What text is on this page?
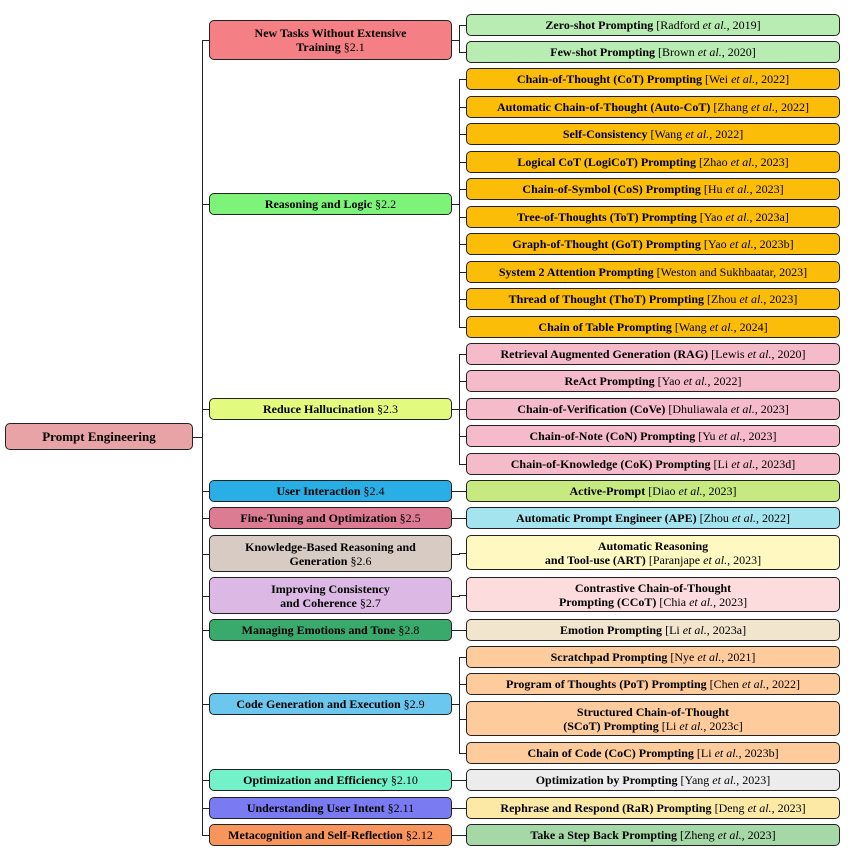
Prompt Engineering
New Tasks Without Extensive
Training §2.1
Zero-shot Prompting [Radford et al., 2019]
Few-shot Prompting [Brown et al., 2020]
Reasoning and Logic §2.2
Chain-of-Thought (CoT) Prompting [Wei et al., 2022]
Automatic Chain-of-Thought (Auto-CoT) [Zhang et al., 2022]
Self-Consistency [Wang et al., 2022]
Logical CoT (LogiCoT) Prompting [Zhao et al., 2023]
Chain-of-Symbol (CoS) Prompting [Hu et al., 2023]
Tree-of-Thoughts (ToT) Prompting [Yao et al., 2023a]
Graph-of-Thought (GoT) Prompting [Yao et al., 2023b]
System 2 Attention Prompting [Weston and Sukhbaatar, 2023]
Thread of Thought (ThoT) Prompting [Zhou et al., 2023]
Chain of Table Prompting [Wang et al., 2024]
Reduce Hallucination §2.3
Retrieval Augmented Generation (RAG) [Lewis et al., 2020]
ReAct Prompting [Yao et al., 2022]
Chain-of-Verification (CoVe) [Dhuliawala et al., 2023]
Chain-of-Note (CoN) Prompting [Yu et al., 2023]
Chain-of-Knowledge (CoK) Prompting [Li et al., 2023d]
User Interaction §2.4	Active-Prompt [Diao et al., 2023]
Fine-Tuning and Optimization §2.5	Automatic Prompt Engineer (APE) [Zhou et al., 2022]
Knowledge-Based Reasoning and
Generation §2.6
Automatic Reasoning
and Tool-use (ART) [Paranjape et al., 2023]
Improving Consistency
and Coherence §2.7
Contrastive Chain-of-Thought
Prompting (CCoT) [Chia et al., 2023]
Managing Emotions and Tone §2.8	Emotion Prompting [Li et al., 2023a]
Code Generation and Execution §2.9
Scratchpad Prompting [Nye et al., 2021]
Program of Thoughts (PoT) Prompting [Chen et al., 2022]
Structured Chain-of-Thought
(SCoT) Prompting [Li et al., 2023c]
Chain of Code (CoC) Prompting [Li et al., 2023b]
Optimization and Efficiency §2.10	Optimization by Prompting [Yang et al., 2023]
Understanding User Intent §2.11	Rephrase and Respond (RaR) Prompting [Deng et al., 2023]
Metacognition and Self-Reflection §2.12	Take a Step Back Prompting [Zheng et al., 2023]
